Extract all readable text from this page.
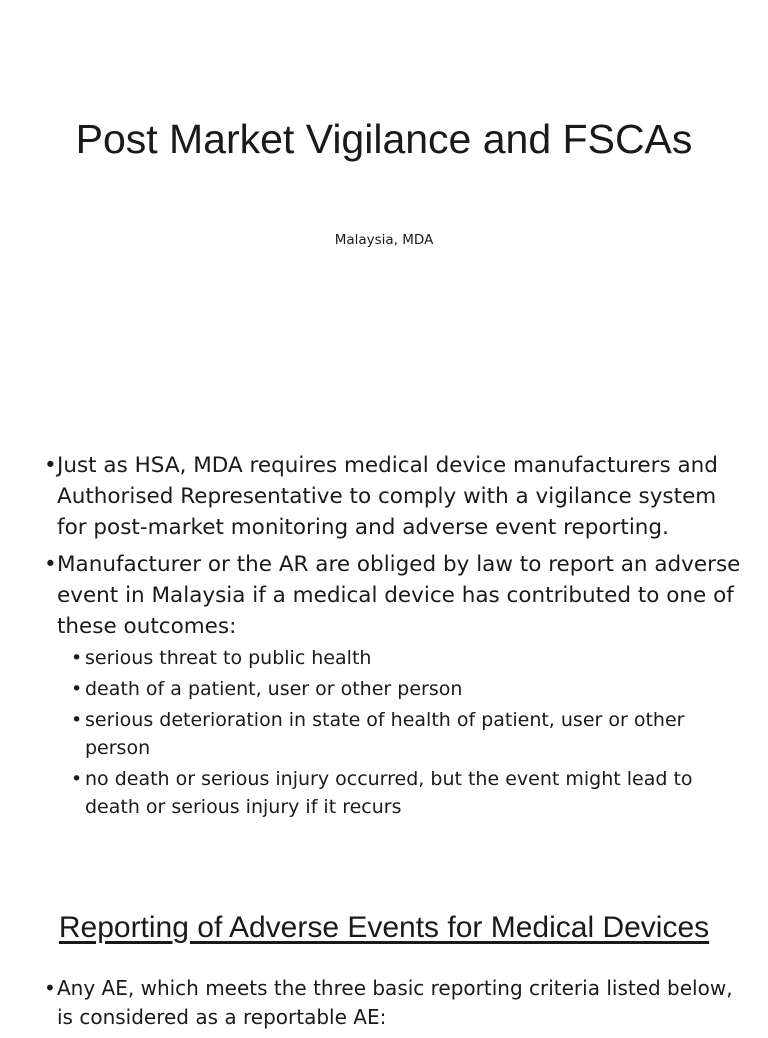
Post Market Vigilance and FSCAs

Malaysia, MDA

• Just as HSA, MDA requires medical device manufacturers and Authorised Representative to comply with a vigilance system for post-market monitoring and adverse event reporting.
• Manufacturer or the AR are obliged by law to report an adverse event in Malaysia if a medical device has contributed to one of these outcomes:
• serious threat to public health
• death of a patient, user or other person
• serious deterioration in state of health of patient, user or other person
• no death or serious injury occurred, but the event might lead to death or serious injury if it recurs
Reporting of Adverse Events for Medical Devices
• Any AE, which meets the three basic reporting criteria listed below, is considered as a reportable AE:
